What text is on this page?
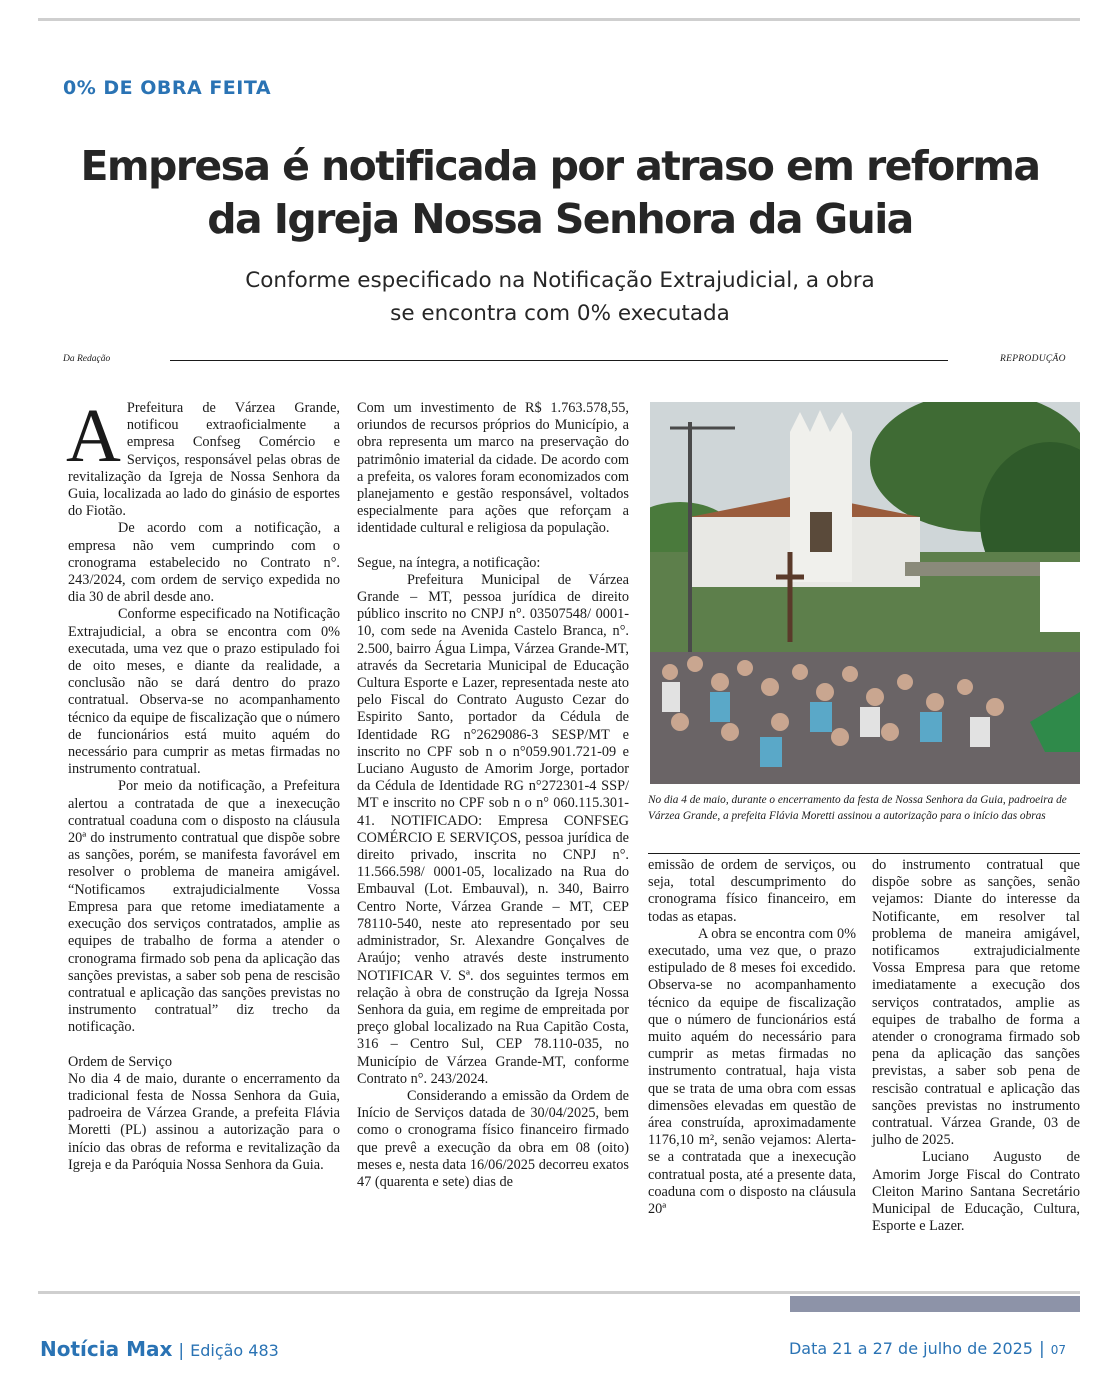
0% DE OBRA FEITA
Empresa é notificada por atraso em reforma
da Igreja Nossa Senhora da Guia
Conforme especificado na Notificação Extrajudicial, a obra
se encontra com 0% executada
Da Redação	REPRODUÇÃO

A Prefeitura de Várzea Grande, notificou extraoficialmente a empresa Confseg Comércio e Serviços, responsável pelas obras de revitalização da Igreja de Nossa Senhora da Guia, localizada ao lado do ginásio de esportes do Fiotão.

De acordo com a notificação, a empresa não vem cumprindo com o cronograma estabelecido no Contrato n°. 243/2024, com ordem de serviço expedida no dia 30 de abril desde ano.

Conforme especificado na Notificação Extrajudicial, a obra se encontra com 0% executada, uma vez que o prazo estipulado foi de oito meses, e diante da realidade, a conclusão não se dará dentro do prazo contratual. Observa-se no acompanhamento técnico da equipe de fiscalização que o número de funcionários está muito aquém do necessário para cumprir as metas firmadas no instrumento contratual.

Por meio da notificação, a Prefeitura alertou a contratada de que a inexecução contratual coaduna com o disposto na cláusula 20ª do instrumento contratual que dispõe sobre as sanções, porém, se manifesta favorável em resolver o problema de maneira amigável. “Notificamos extrajudicialmente Vossa Empresa para que retome imediatamente a execução dos serviços contratados, amplie as equipes de trabalho de forma a atender o cronograma firmado sob pena da aplicação das sanções previstas, a saber sob pena de rescisão contratual e aplicação das sanções previstas no instrumento contratual” diz trecho da notificação.

Ordem de Serviço

No dia 4 de maio, durante o encerramento da tradicional festa de Nossa Senhora da Guia, padroeira de Várzea Grande, a prefeita Flávia Moretti (PL) assinou a autorização para o início das obras de reforma e revitalização da Igreja e da Paróquia Nossa Senhora da Guia.

Com um investimento de R$ 1.763.578,55, oriundos de recursos próprios do Município, a obra representa um marco na preservação do patrimônio imaterial da cidade. De acordo com a prefeita, os valores foram economizados com planejamento e gestão responsável, voltados especialmente para ações que reforçam a identidade cultural e religiosa da população.

Segue, na íntegra, a notificação:

Prefeitura Municipal de Várzea Grande – MT, pessoa jurídica de direito público inscrito no CNPJ n°. 03507548/ 0001-10, com sede na Avenida Castelo Branca, n°. 2.500, bairro Água Limpa, Várzea Grande-MT, através da Secretaria Municipal de Educação Cultura Esporte e Lazer, representada neste ato pelo Fiscal do Contrato Augusto Cezar do Espirito Santo, portador da Cédula de Identidade RG n°2629086-3 SESP/MT e inscrito no CPF sob n o n°059.901.721-09 e Luciano Augusto de Amorim Jorge, portador da Cédula de Identidade RG n°272301-4 SSP/ MT e inscrito no CPF sob n o n° 060.115.301-41. NOTIFICADO: Empresa CONFSEG COMÉRCIO E SERVIÇOS, pessoa jurídica de direito privado, inscrita no CNPJ n°. 11.566.598/ 0001-05, localizado na Rua do Embauval (Lot. Embauval), n. 340, Bairro Centro Norte, Várzea Grande – MT, CEP 78110-540, neste ato representado por seu administrador, Sr. Alexandre Gonçalves de Araújo; venho através deste instrumento NOTIFICAR V. Sª. dos seguintes termos em relação à obra de construção da Igreja Nossa Senhora da guia, em regime de empreitada por preço global localizado na Rua Capitão Costa, 316 – Centro Sul, CEP 78.110-035, no Município de Várzea Grande-MT, conforme Contrato n°. 243/2024.

Considerando a emissão da Ordem de Início de Serviços datada de 30/04/2025, bem como o cronograma físico financeiro firmado que prevê a execução da obra em 08 (oito) meses e, nesta data 16/06/2025 decorreu exatos 47 (quarenta e sete) dias de

No dia 4 de maio, durante o encerramento da festa de Nossa Senhora da Guia, padroeira de Várzea Grande, a prefeita Flávia Moretti assinou a autorização para o início das obras

emissão de ordem de serviços, ou seja, total descumprimento do cronograma físico financeiro, em todas as etapas.

A obra se encontra com 0% executado, uma vez que, o prazo estipulado de 8 meses foi excedido. Observa-se no acompanhamento técnico da equipe de fiscalização que o número de funcionários está muito aquém do necessário para cumprir as metas firmadas no instrumento contratual, haja vista que se trata de uma obra com essas dimensões elevadas em questão de área construída, aproximadamente 1176,10 m², senão vejamos: Alerta-se a contratada que a inexecução contratual posta, até a presente data, coaduna com o disposto na cláusula 20ª

do instrumento contratual que dispõe sobre as sanções, senão vejamos: Diante do interesse da Notificante, em resolver tal problema de maneira amigável, notificamos extrajudicialmente Vossa Empresa para que retome imediatamente a execução dos serviços contratados, amplie as equipes de trabalho de forma a atender o cronograma firmado sob pena da aplicação das sanções previstas, a saber sob pena de rescisão contratual e aplicação das sanções previstas no instrumento contratual. Várzea Grande, 03 de julho de 2025.

Luciano Augusto de Amorim Jorge Fiscal do Contrato Cleiton Marino Santana Secretário Municipal de Educação, Cultura, Esporte e Lazer.

Notícia Max | Edição 483	Data 21 a 27 de julho de 2025 | 07
